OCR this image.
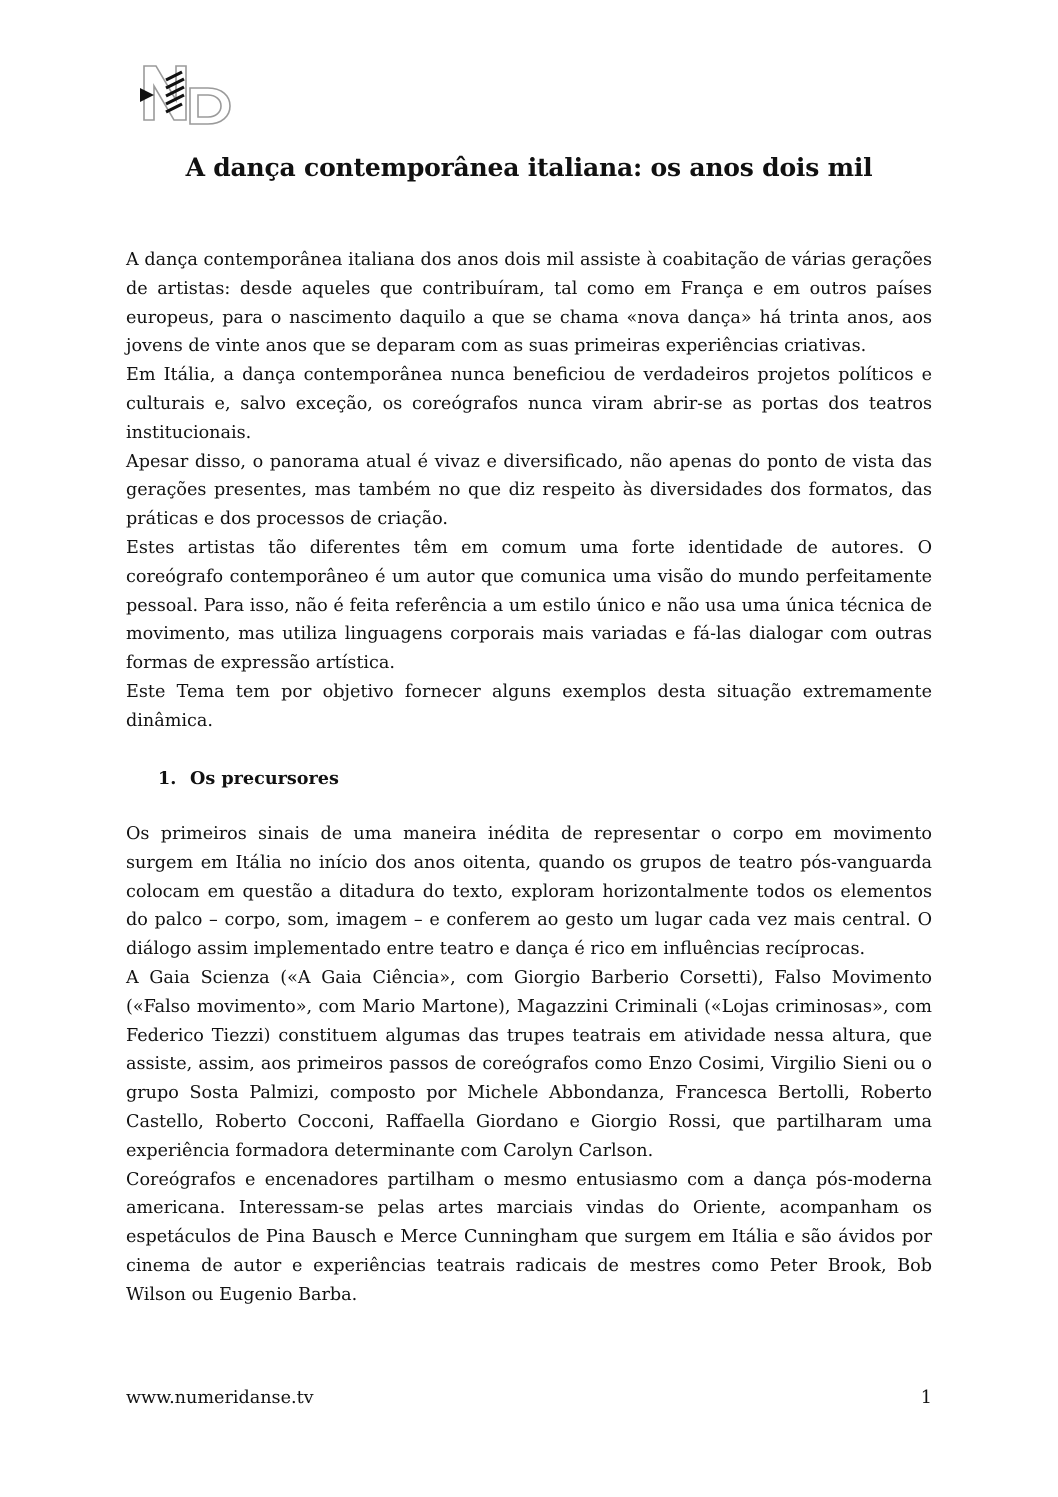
A dança contemporânea italiana: os anos dois mil

A dança contemporânea italiana dos anos dois mil assiste à coabitação de várias gerações de artistas: desde aqueles que contribuíram, tal como em França e em outros países europeus, para o nascimento daquilo a que se chama «nova dança» há trinta anos, aos jovens de vinte anos que se deparam com as suas primeiras experiências criativas.

Em Itália, a dança contemporânea nunca beneficiou de verdadeiros projetos políticos e culturais e, salvo exceção, os coreógrafos nunca viram abrir-se as portas dos teatros institucionais.

Apesar disso, o panorama atual é vivaz e diversificado, não apenas do ponto de vista das gerações presentes, mas também no que diz respeito às diversidades dos formatos, das práticas e dos processos de criação.

Estes artistas tão diferentes têm em comum uma forte identidade de autores. O coreógrafo contemporâneo é um autor que comunica uma visão do mundo perfeitamente pessoal. Para isso, não é feita referência a um estilo único e não usa uma única técnica de movimento, mas utiliza linguagens corporais mais variadas e fá-las dialogar com outras formas de expressão artística.

Este Tema tem por objetivo fornecer alguns exemplos desta situação extremamente dinâmica.

1. Os precursores

Os primeiros sinais de uma maneira inédita de representar o corpo em movimento surgem em Itália no início dos anos oitenta, quando os grupos de teatro pós-vanguarda colocam em questão a ditadura do texto, exploram horizontalmente todos os elementos do palco – corpo, som, imagem – e conferem ao gesto um lugar cada vez mais central. O diálogo assim implementado entre teatro e dança é rico em influências recíprocas.

A Gaia Scienza («A Gaia Ciência», com Giorgio Barberio Corsetti), Falso Movimento («Falso movimento», com Mario Martone), Magazzini Criminali («Lojas criminosas», com Federico Tiezzi) constituem algumas das trupes teatrais em atividade nessa altura, que assiste, assim, aos primeiros passos de coreógrafos como Enzo Cosimi, Virgilio Sieni ou o grupo Sosta Palmizi, composto por Michele Abbondanza, Francesca Bertolli, Roberto Castello, Roberto Cocconi, Raffaella Giordano e Giorgio Rossi, que partilharam uma experiência formadora determinante com Carolyn Carlson.

Coreógrafos e encenadores partilham o mesmo entusiasmo com a dança pós-moderna americana. Interessam-se pelas artes marciais vindas do Oriente, acompanham os espetáculos de Pina Bausch e Merce Cunningham que surgem em Itália e são ávidos por cinema de autor e experiências teatrais radicais de mestres como Peter Brook, Bob Wilson ou Eugenio Barba.

www.numeridanse.tv	1
